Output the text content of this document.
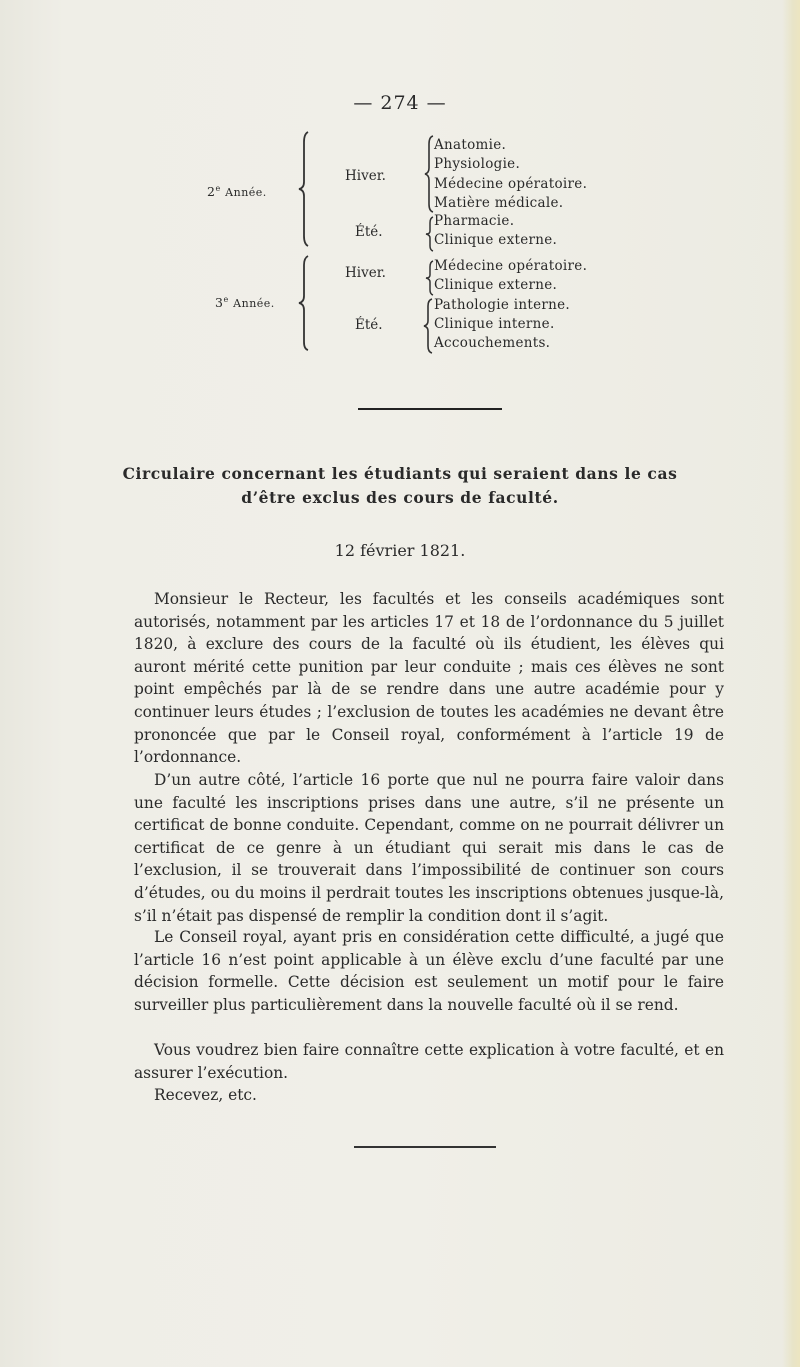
— 274 —
2e Année.
Hiver.
Anatomie.
Physiologie.
Médecine opératoire.
Matière médicale.
Été.
Pharmacie.
Clinique externe.
3e Année.
Hiver.	Médecine opératoire.
Clinique externe.
Été.
Pathologie interne.
Clinique interne.
Accouchements.
Circulaire concernant les étudiants qui seraient dans le cas
d’être exclus des cours de faculté.
12 février 1821.
Monsieur le Recteur, les facultés et les conseils académiques sont autorisés, notamment par les articles 17 et 18 de l’ordonnance du 5 juillet 1820, à exclure des cours de la faculté où ils étudient, les élèves qui auront mérité cette punition par leur conduite ; mais ces élèves ne sont point empêchés par là de se rendre dans une autre académie pour y continuer leurs études ; l’exclusion de toutes les académies ne devant être prononcée que par le Conseil royal, conformément à l’article 19 de l’ordonnance.
D’un autre côté, l’article 16 porte que nul ne pourra faire valoir dans une faculté les inscriptions prises dans une autre, s’il ne présente un certificat de bonne conduite. Cependant, comme on ne pourrait délivrer un certificat de ce genre à un étudiant qui serait mis dans le cas de l’exclusion, il se trouverait dans l’impossibilité de continuer son cours d’études, ou du moins il perdrait toutes les inscriptions obtenues jusque-là, s’il n’était pas dispensé de remplir la condition dont il s’agit.
Le Conseil royal, ayant pris en considération cette difficulté, a jugé que l’article 16 n’est point applicable à un élève exclu d’une faculté par une décision formelle. Cette décision est seulement un motif pour le faire surveiller plus particulièrement dans la nouvelle faculté où il se rend.
Vous voudrez bien faire connaître cette explication à votre faculté, et en assurer l’exécution.
Recevez, etc.
